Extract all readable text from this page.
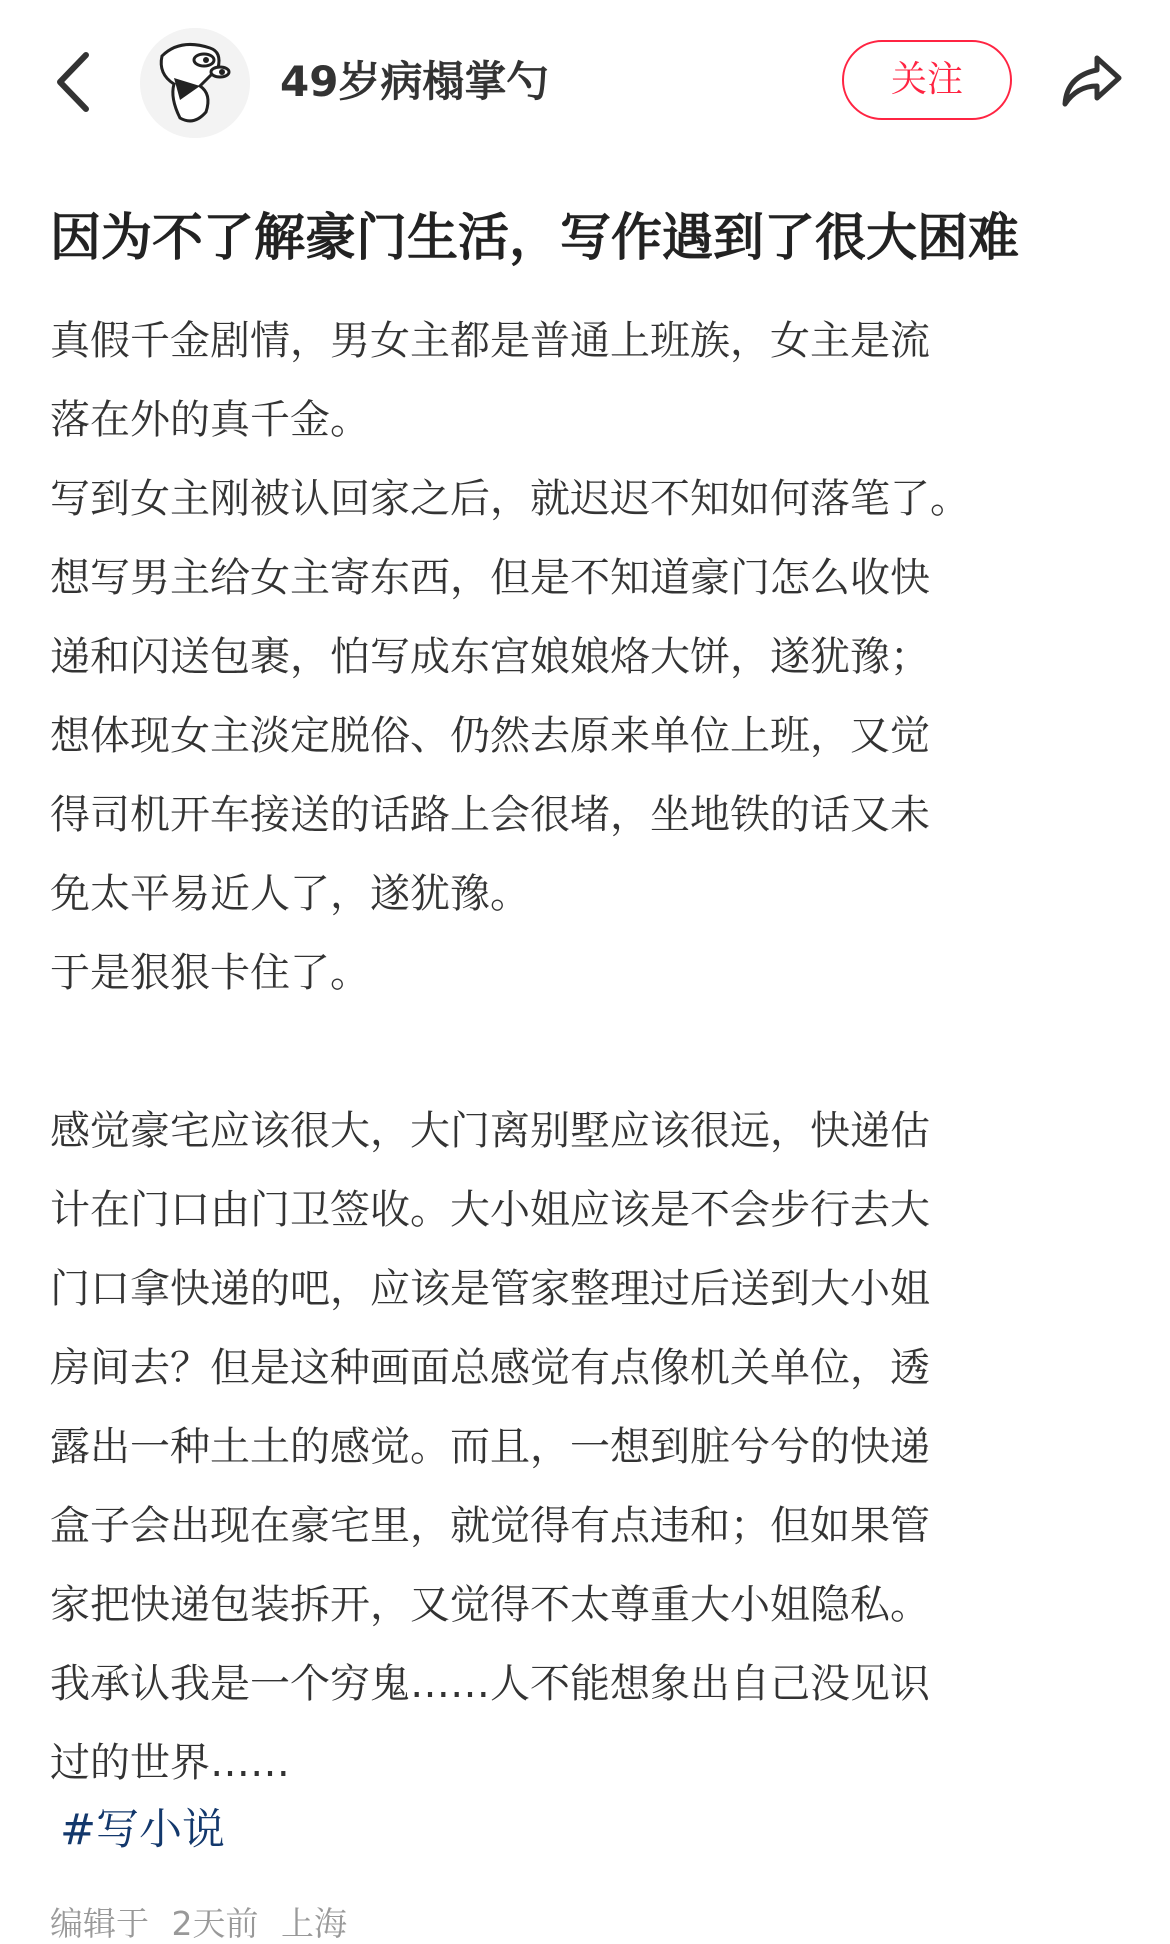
49岁病榻掌勺	关注
因为不了解豪门生活，写作遇到了很大困难

真假千金剧情，男女主都是普通上班族，女主是流

落在外的真千金。

写到女主刚被认回家之后，就迟迟不知如何落笔了。

想写男主给女主寄东西，但是不知道豪门怎么收快

递和闪送包裹，怕写成东宫娘娘烙大饼，遂犹豫；

想体现女主淡定脱俗、仍然去原来单位上班，又觉

得司机开车接送的话路上会很堵，坐地铁的话又未

免太平易近人了，遂犹豫。

于是狠狠卡住了。

感觉豪宅应该很大，大门离别墅应该很远，快递估

计在门口由门卫签收。大小姐应该是不会步行去大

门口拿快递的吧，应该是管家整理过后送到大小姐

房间去？但是这种画面总感觉有点像机关单位，透

露出一种土土的感觉。而且，一想到脏兮兮的快递

盒子会出现在豪宅里，就觉得有点违和；但如果管

家把快递包装拆开，又觉得不太尊重大小姐隐私。

我承认我是一个穷鬼……人不能想象出自己没见识

过的世界……

#写小说
编辑于 2天前 上海
